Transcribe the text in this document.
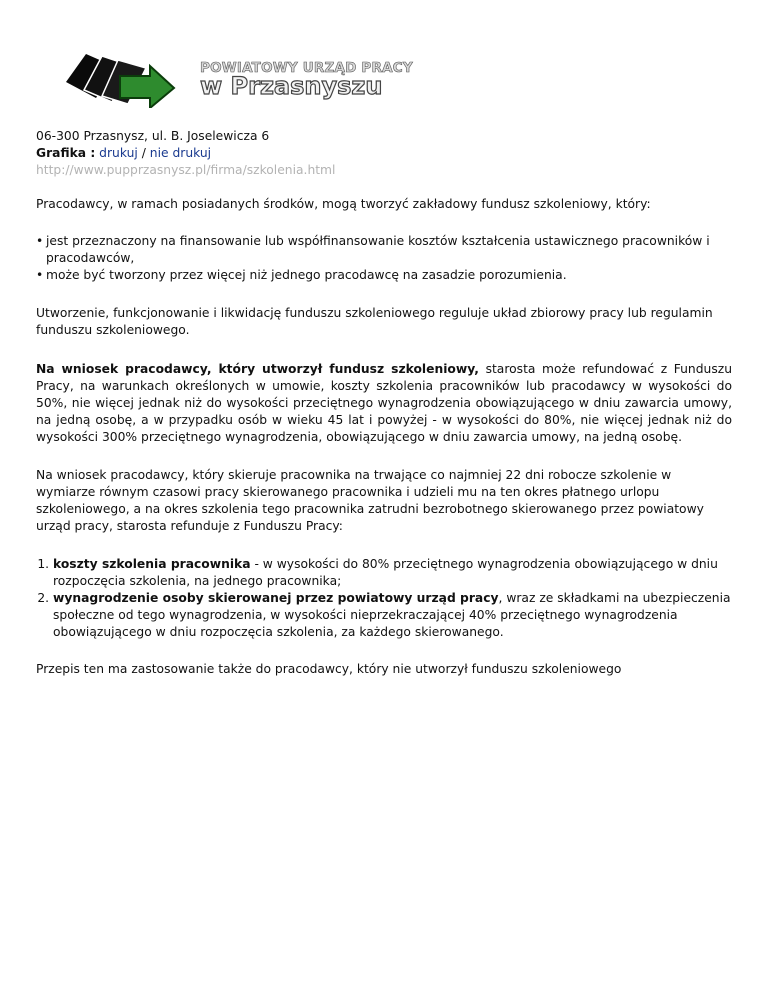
POWIATOWY URZĄD PRACY
w Przasnyszu
06-300 Przasnysz, ul. B. Joselewicza 6
Grafika : drukuj / nie drukuj
http://www.pupprzasnysz.pl/firma/szkolenia.html

Pracodawcy, w ramach posiadanych środków, mogą tworzyć zakładowy fundusz szkoleniowy, który:

• jest przeznaczony na finansowanie lub współfinansowanie kosztów kształcenia ustawicznego pracowników i pracodawców,
• może być tworzony przez więcej niż jednego pracodawcę na zasadzie porozumienia.

Utworzenie, funkcjonowanie i likwidację funduszu szkoleniowego reguluje układ zbiorowy pracy lub regulamin funduszu szkoleniowego.

Na wniosek pracodawcy, który utworzył fundusz szkoleniowy, starosta może refundować z Funduszu Pracy, na warunkach określonych w umowie, koszty szkolenia pracowników lub pracodawcy w wysokości do 50%, nie więcej jednak niż do wysokości przeciętnego wynagrodzenia obowiązującego w dniu zawarcia umowy, na jedną osobę, a w przypadku osób w wieku 45 lat i powyżej - w wysokości do 80%, nie więcej jednak niż do wysokości 300% przeciętnego wynagrodzenia, obowiązującego w dniu zawarcia umowy, na jedną osobę.

Na wniosek pracodawcy, który skieruje pracownika na trwające co najmniej 22 dni robocze szkolenie w wymiarze równym czasowi pracy skierowanego pracownika i udzieli mu na ten okres płatnego urlopu szkoleniowego, a na okres szkolenia tego pracownika zatrudni bezrobotnego skierowanego przez powiatowy urząd pracy, starosta refunduje z Funduszu Pracy:

1. koszty szkolenia pracownika - w wysokości do 80% przeciętnego wynagrodzenia obowiązującego w dniu rozpoczęcia szkolenia, na jednego pracownika;
2. wynagrodzenie osoby skierowanej przez powiatowy urząd pracy, wraz ze składkami na ubezpieczenia społeczne od tego wynagrodzenia, w wysokości nieprzekraczającej 40% przeciętnego wynagrodzenia obowiązującego w dniu rozpoczęcia szkolenia, za każdego skierowanego.

Przepis ten ma zastosowanie także do pracodawcy, który nie utworzył funduszu szkoleniowego
